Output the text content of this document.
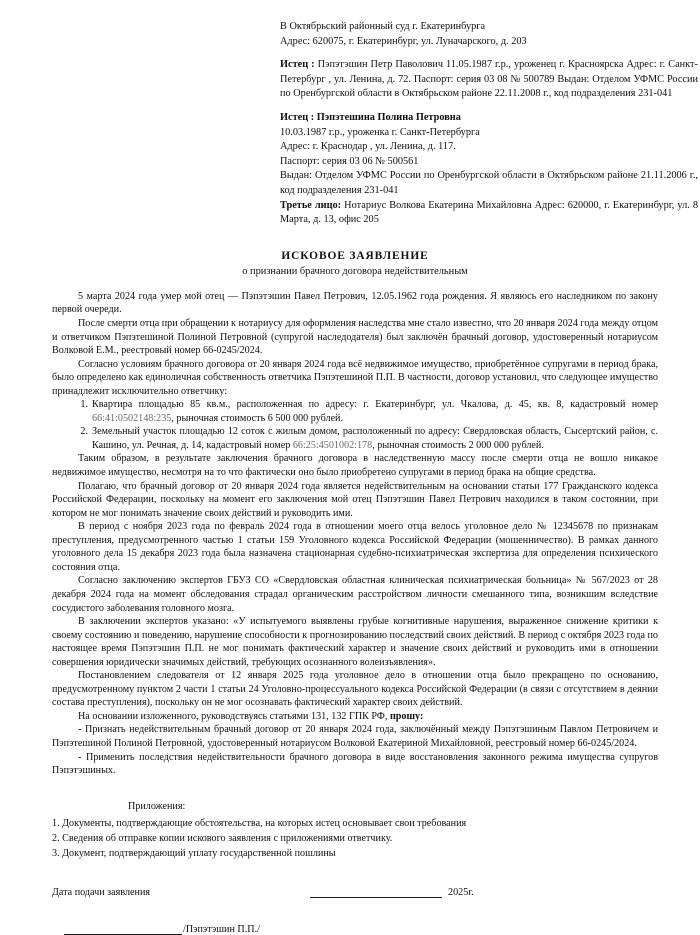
В Октябрьский районный суд г. Екатеринбурга
Адрес: 620075, г. Екатеринбург, ул. Луначарского, д. 203
Истец : Пэпэтэшин Петр Паволович 11.05.1987 г.р., уроженец г. Красноярска Адрес: г. Санкт-Петербург , ул. Ленина, д. 72. Паспорт: серия 03 08 № 500789 Выдан: Отделом УФМС России по Оренбургской области в Октябрьском районе 22.11.2008 г., код подразделения 231-041
Истец : Пэпэтешина Полина Петровна
10.03.1987 г.р., уроженка г. Санкт-Петербурга
Адрес: г. Краснодар , ул. Ленина, д. 117.
Паспорт: серия 03 06 № 500561
Выдан: Отделом УФМС России по Оренбургской области в Октябрьском районе 21.11.2006 г., код подразделения 231-041
Третье лицо: Нотариус Волкова Екатерина Михайловна Адрес: 620000, г. Екатеринбург, ул. 8 Марта, д. 13, офис 205
ИСКОВОЕ ЗАЯВЛЕНИЕ
о признании брачного договора недействительным

5 марта 2024 года умер мой отец — Пэпэтэшин Павел Петрович, 12.05.1962 года рождения. Я являюсь его наследником по закону первой очереди.

После смерти отца при обращении к нотариусу для оформления наследства мне стало известно, что 20 января 2024 года между отцом и ответчиком Пэпэтешиной Полиной Петровной (супругой наследодателя) был заключён брачный договор, удостоверенный нотариусом Волковой Е.М., реестровый номер 66-0245/2024.

Согласно условиям брачного договора от 20 января 2024 года всё недвижимое имущество, приобретённое супругами в период брака, было определено как единоличная собственность ответчика Пэпэтешиной П.П. В частности, договор установил, что следующее имущество принадлежит исключительно ответчику:

Квартира площадью 85 кв.м., расположенная по адресу: г. Екатеринбург, ул. Чкалова, д. 45, кв. 8, кадастровый номер 66:41:0502148:235, рыночная стоимость 6 500 000 рублей.
Земельный участок площадью 12 соток с жилым домом, расположенный по адресу: Свердловская область, Сысертский район, с. Кашино, ул. Речная, д. 14, кадастровый номер 66:25:4501002:178, рыночная стоимость 2 000 000 рублей.

Таким образом, в результате заключения брачного договора в наследственную массу после смерти отца не вошло никакое недвижимое имущество, несмотря на то что фактически оно было приобретено супругами в период брака на общие средства.

Полагаю, что брачный договор от 20 января 2024 года является недействительным на основании статьи 177 Гражданского кодекса Российской Федерации, поскольку на момент его заключения мой отец Пэпэтэшин Павел Петрович находился в таком состоянии, при котором не мог понимать значение своих действий и руководить ими.

В период с ноября 2023 года по февраль 2024 года в отношении моего отца велось уголовное дело № 12345678 по признакам преступления, предусмотренного частью 1 статьи 159 Уголовного кодекса Российской Федерации (мошенничество). В рамках данного уголовного дела 15 декабря 2023 года была назначена стационарная судебно-психиатрическая экспертиза для определения психического состояния отца.

Согласно заключению экспертов ГБУЗ СО «Свердловская областная клиническая психиатрическая больница» № 567/2023 от 28 декабря 2024 года на момент обследования страдал органическим расстройством личности смешанного типа, возникшим вследствие сосудистого заболевания головного мозга.

В заключении экспертов указано: «У испытуемого выявлены грубые когнитивные нарушения, выраженное снижение критики к своему состоянию и поведению, нарушение способности к прогнозированию последствий своих действий. В период с октября 2023 года по настоящее время Пэпэтэшин П.П. не мог понимать фактический характер и значение своих действий и руководить ими в отношении совершения юридически значимых действий, требующих осознанного волеизъявления».

Постановлением следователя от 12 января 2025 года уголовное дело в отношении отца было прекращено по основанию, предусмотренному пунктом 2 части 1 статьи 24 Уголовно-процессуального кодекса Российской Федерации (в связи с отсутствием в деянии состава преступления), поскольку он не мог осознавать фактический характер своих действий.

На основании изложенного, руководствуясь статьями 131, 132 ГПК РФ, прошу:

- Признать недействительным брачный договор от 20 января 2024 года, заключённый между Пэпэтэшиным Павлом Петровичем и Пэпэтешиной Полиной Петровной, удостоверенный нотариусом Волковой Екатериной Михайловной, реестровый номер 66-0245/2024.

- Применить последствия недействительности брачного договора в виде восстановления законного режима имущества супругов Пэпэтэшиных.

Приложения:
1. Документы, подтверждающие обстоятельства, на которых истец основывает свои требования
2. Сведения об отправке копии искового заявления с приложениями ответчику.
3. Документ, подтверждающий уплату государственной пошлины
Дата подачи заявления	2025г.
/Пэпэтэшин П.П./
